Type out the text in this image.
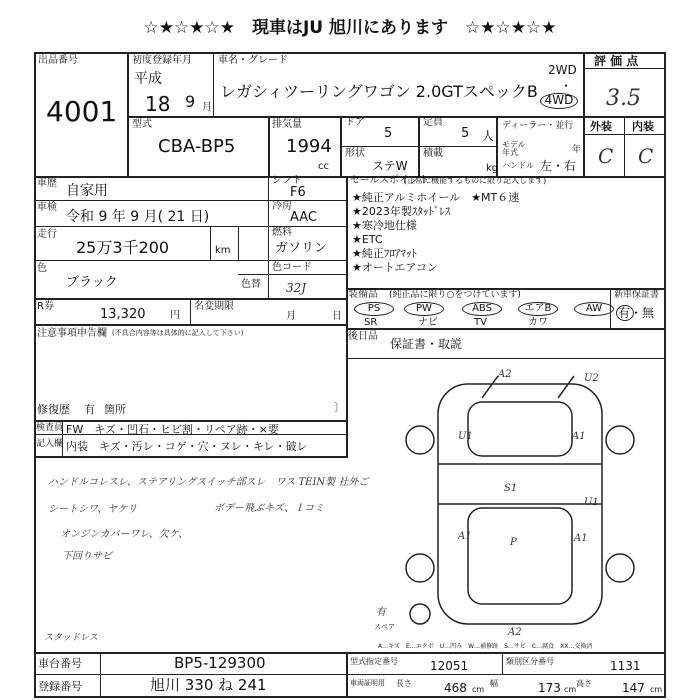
☆★☆★☆★　現車はJU 旭川にあります　☆★☆★☆★
出品番号
4001
初度登録年月
平成
18 9 月
車名・グレード
レガシィツーリングワゴン 2.0GTスペックB
2WD
・
4WD
評 価 点
3.5
外装 内装
C C
型式
CBA-BP5
排気量
1994
cc
ドア
5
定員
5 人
ディーラー・並行
モデル年式	年
形状
ステW
積載
kg ハンドル 左・右
車歴 自家用
シフト
F6
車検
令和 9 年 9 月( 21 日)
冷房
AAC
走行
25万3千200	km
燃料
ガソリン
色
ブラック	色替
色コード
32J
R券
13,320 円
名変期限
月	日
注意事項申告欄 (不具合内容等は具体的に記入して下さい)
修復歴 有 箇所	〕
セールスポイント
(正常に機能するものに限り記入します)
★純正アルミホイール　★MT６速
★2023年製ｽﾀｯﾄﾞﾚｽ
★寒冷地仕様
★ETC
★純正ﾌﾛｱﾏｯﾄ
★オートエアコン
装備品 (純正品に限り○をつけています)
PS	PW	ABS	エアB	AW
SR	ナビ	TV	カワ
新車保証書
有・無
後日品
保証書・取説
検査員
記入欄
FW　キズ・凹石・ヒビ割・リペア跡・×要
内装　キズ・汚レ・コゲ・穴・ヌレ・キレ・破レ
ハンドルコレスレ、ステアリングスイッチ部スレ　ワス TEIN製 社外ご
シートシワ、ヤケリ	ボデー飛ぶキズ、１コミ
オンジンカバーワレ、欠ケ、
下回りサビ
スタッドレス
A2	U2
A1
U1
S1
P
A1	A1
A2
U1
有
スペア
A…キズ　E…エクボ　U…凹み　W…補修跡　S…サビ　C…腐食　XX…交換済
車台番号	BP5-129300
登録番号	旭川 330 ね 241
型式指定番号	12051	類別区分番号	1131
車両証明用 長さ	468 cm
幅	173 cm
高さ	147 cm
